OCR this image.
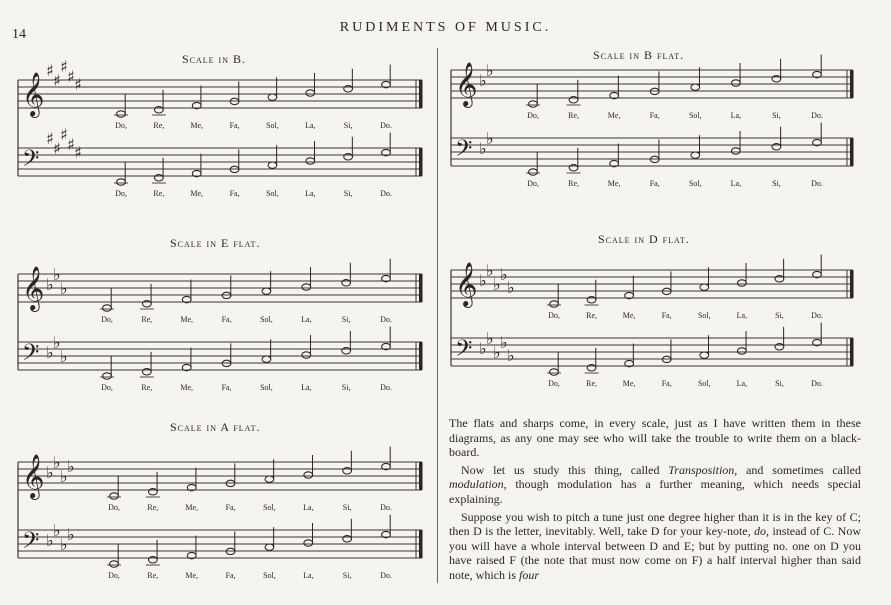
14	RUDIMENTS OF MUSIC.
Scale in B.
𝄞
♯
♯
♯
♯ ♯
Do,	Re,	Me,	Fa,	Sol,	La,	Si,	Do.
𝄢
♯
♯
♯
♯ ♯
Do,	Re,	Me,	Fa,	Sol,	La,	Si,	Do.
Scale in B flat.
𝄞 ♭
♭
Do,	Re,	Me,	Fa,	Sol,	La,	Si,	Do.
𝄢 ♭
♭
Do,	Re,	Me,	Fa,	Sol,	La,	Si,	Do.
Scale in E flat.
𝄞 ♭
♭
♭
Do,	Re,	Me,	Fa,	Sol,	La,	Si,	Do.
𝄢 ♭
♭
♭
Do,	Re,	Me,	Fa,	Sol,	La,	Si,	Do.
Scale in D flat.
𝄞 ♭
♭
♭
♭
♭
Do,	Re,	Me,	Fa,	Sol,	La,	Si,	Do.
𝄢 ♭
♭
♭
♭
♭
Do,	Re,	Me,	Fa,	Sol,	La,	Si,	Do.
Scale in A flat.
𝄞 ♭
♭
♭
♭
Do,	Re,	Me,	Fa,	Sol,	La,	Si,	Do.
𝄢 ♭
♭
♭
♭
Do,	Re,	Me,	Fa,	Sol,	La,	Si,	Do.

The flats and sharps come, in every scale, just as I have written them in these diagrams, as any one may see who will take the trouble to write them on a black-board.

Now let us study this thing, called Transposition, and sometimes called modulation, though modulation has a further meaning, which needs special explaining.

Suppose you wish to pitch a tune just one degree higher than it is in the key of C; then D is the letter, inevitably. Well, take D for your key-note, do, instead of C. Now you will have a whole interval between D and E; but by putting no. one on D you have raised F (the note that must now come on F) a half interval higher than said note, which is four
